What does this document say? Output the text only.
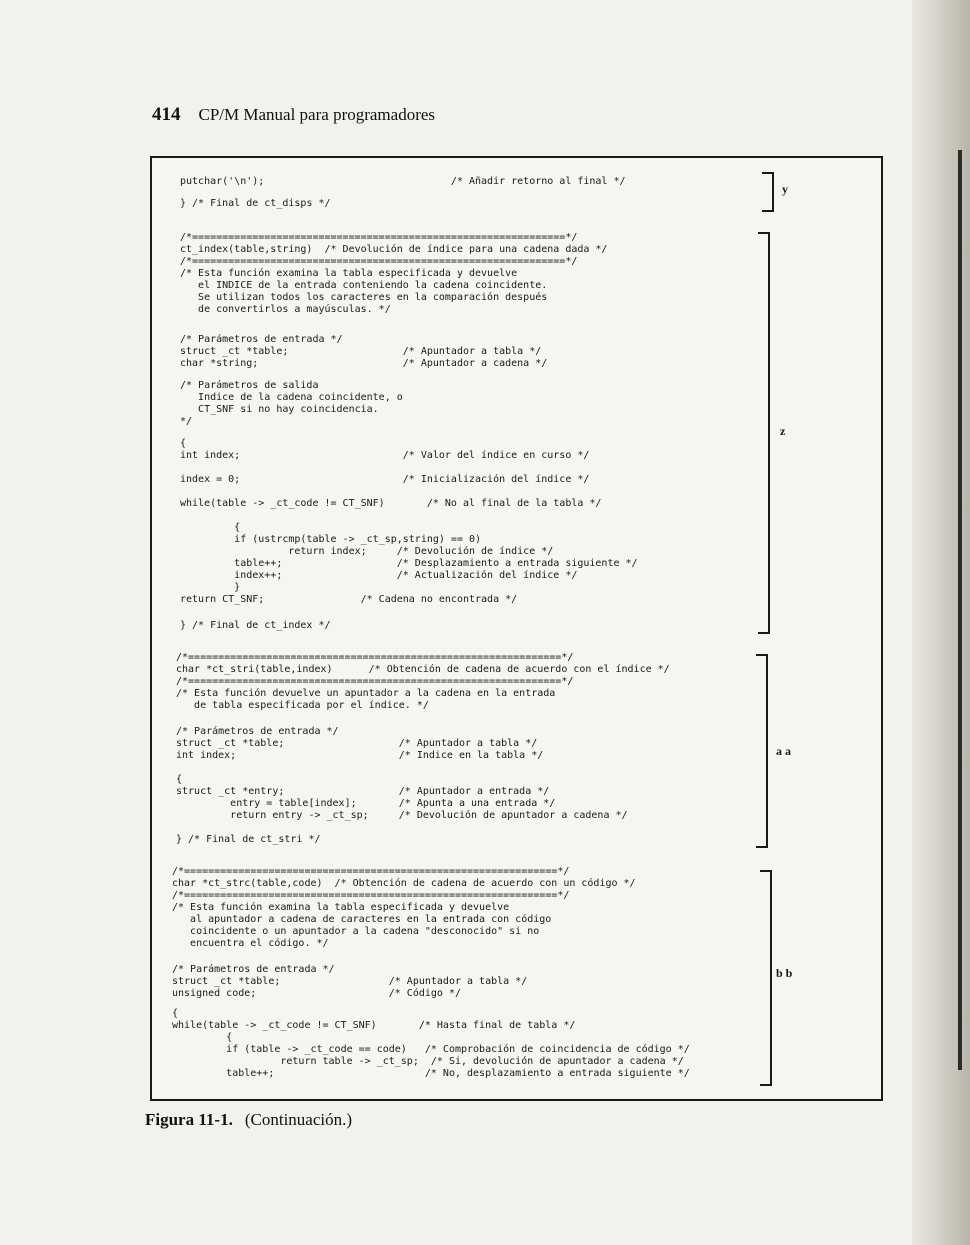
414 CP/M Manual para programadores
putchar('\n');                               /* Añadir retorno al final */
} /* Final de ct_disps */
/*==============================================================*/
ct_index(table,string)  /* Devolución de índice para una cadena dada */
/*==============================================================*/
/* Esta función examina la tabla especificada y devuelve
el INDICE de la entrada conteniendo la cadena coincidente.
Se utilizan todos los caracteres en la comparación después
de convertirlos a mayúsculas. */
/* Parámetros de entrada */
struct _ct *table;                   /* Apuntador a tabla */
char *string;                        /* Apuntador a cadena */
/* Parámetros de salida
Indice de la cadena coincidente, o
CT_SNF si no hay coincidencia.
*/
{
int index;                           /* Valor del índice en curso */
index = 0;                           /* Inicialización del índice */
while(table -> _ct_code != CT_SNF)       /* No al final de la tabla */
{
if (ustrcmp(table -> _ct_sp,string) == 0)
return index;     /* Devolución de índice */
table++;                   /* Desplazamiento a entrada siguiente */
index++;                   /* Actualización del índice */
}
return CT_SNF;                /* Cadena no encontrada */
} /* Final de ct_index */
/*==============================================================*/
char *ct_stri(table,index)      /* Obtención de cadena de acuerdo con el índice */
/*==============================================================*/
/* Esta función devuelve un apuntador a la cadena en la entrada
de tabla especificada por el índice. */
/* Parámetros de entrada */
struct _ct *table;                   /* Apuntador a tabla */
int index;                           /* Indice en la tabla */
{
struct _ct *entry;                   /* Apuntador a entrada */
entry = table[index];       /* Apunta a una entrada */
return entry -> _ct_sp;     /* Devolución de apuntador a cadena */
} /* Final de ct_stri */
/*==============================================================*/
char *ct_strc(table,code)  /* Obtención de cadena de acuerdo con un código */
/*==============================================================*/
/* Esta función examina la tabla especificada y devuelve
al apuntador a cadena de caracteres en la entrada con código
coincidente o un apuntador a la cadena "desconocido" si no
encuentra el código. */
/* Parámetros de entrada */
struct _ct *table;                  /* Apuntador a tabla */
unsigned code;                      /* Código */
{
while(table -> _ct_code != CT_SNF)       /* Hasta final de tabla */
{
if (table -> _ct_code == code)   /* Comprobación de coincidencia de código */
return table -> _ct_sp;  /* Si, devolución de apuntador a cadena */
table++;                         /* No, desplazamiento a entrada siguiente */
y
z
a a
b b
Figura 11-1. (Continuación.)
